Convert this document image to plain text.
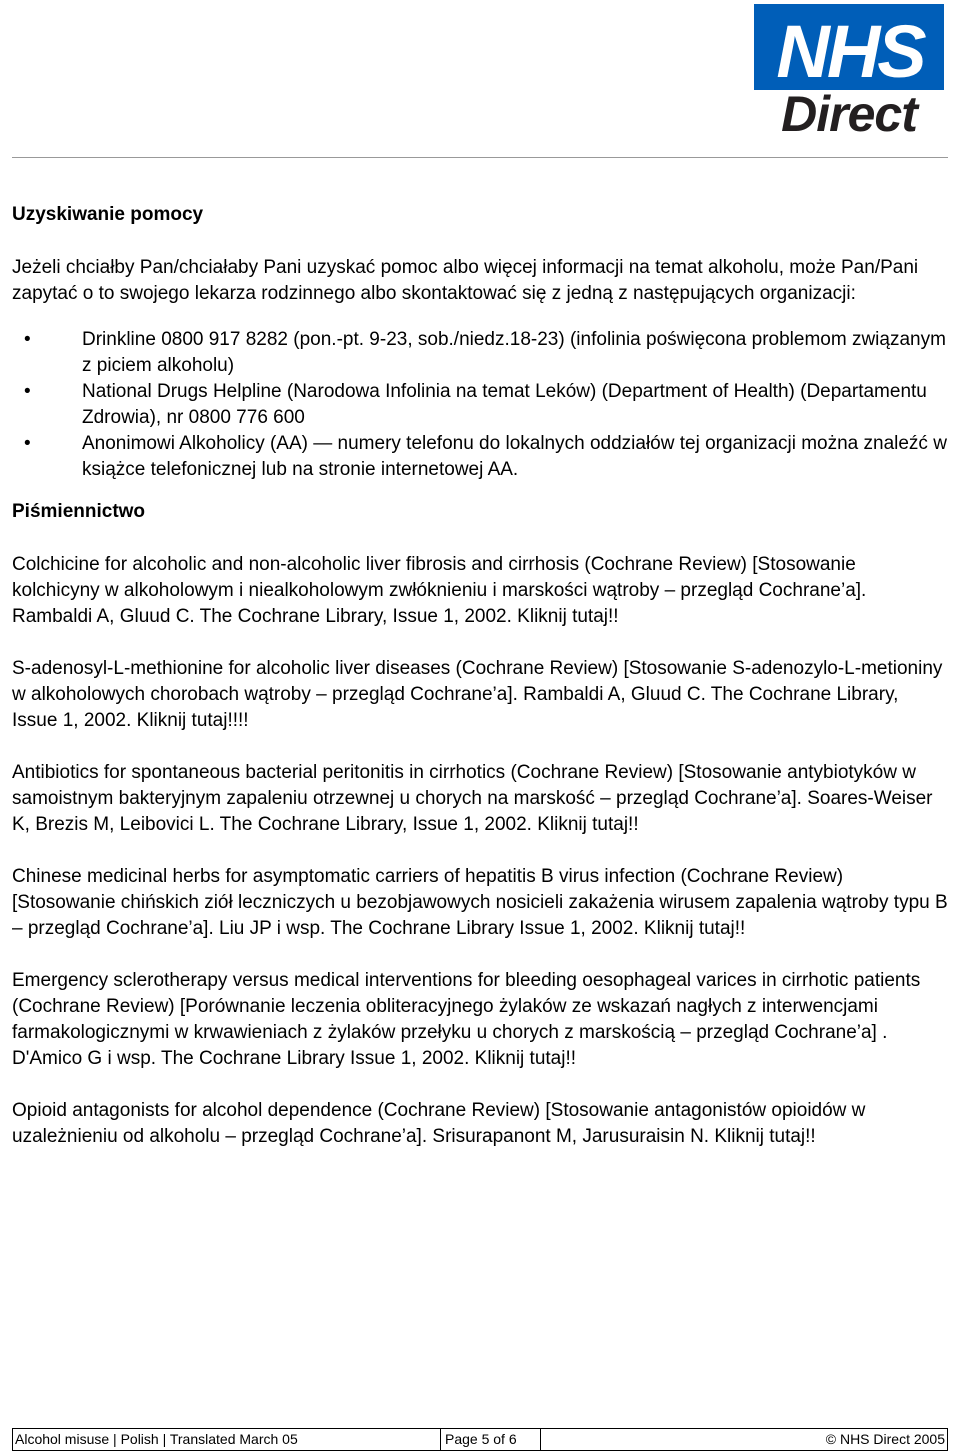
NHS
Direct
Uzyskiwanie pomocy

Jeżeli chciałby Pan/chciałaby Pani uzyskać pomoc albo więcej informacji na temat alkoholu, może Pan/Pani zapytać o to swojego lekarza rodzinnego albo skontaktować się z jedną z następujących organizacji:

• Drinkline 0800 917 8282 (pon.-pt. 9-23, sob./niedz.18-23) (infolinia poświęcona problemom związanym z piciem alkoholu)
• National Drugs Helpline (Narodowa Infolinia na temat Leków) (Department of Health) (Departamentu Zdrowia), nr 0800 776 600
• Anonimowi Alkoholicy (AA) — numery telefonu do lokalnych oddziałów tej organizacji można znaleźć w książce telefonicznej lub na stronie internetowej AA.
Piśmiennictwo

Colchicine for alcoholic and non-alcoholic liver fibrosis and cirrhosis (Cochrane Review) [Stosowanie kolchicyny w alkoholowym i niealkoholowym zwłóknieniu i marskości wątroby – przegląd Cochrane’a]. Rambaldi A, Gluud C. The Cochrane Library, Issue 1, 2002. Kliknij tutaj!!

S-adenosyl-L-methionine for alcoholic liver diseases (Cochrane Review) [Stosowanie S-adenozylo-L-metioniny w alkoholowych chorobach wątroby – przegląd Cochrane’a]. Rambaldi A, Gluud C. The Cochrane Library, Issue 1, 2002. Kliknij tutaj!!!!

Antibiotics for spontaneous bacterial peritonitis in cirrhotics (Cochrane Review) [Stosowanie antybiotyków w samoistnym bakteryjnym zapaleniu otrzewnej u chorych na marskość – przegląd Cochrane’a]. Soares-Weiser K, Brezis M, Leibovici L. The Cochrane Library, Issue 1, 2002. Kliknij tutaj!!

Chinese medicinal herbs for asymptomatic carriers of hepatitis B virus infection (Cochrane Review) [Stosowanie chińskich ziół leczniczych u bezobjawowych nosicieli zakażenia wirusem zapalenia wątroby typu B – przegląd Cochrane’a]. Liu JP i wsp. The Cochrane Library Issue 1, 2002. Kliknij tutaj!!

Emergency sclerotherapy versus medical interventions for bleeding oesophageal varices in cirrhotic patients (Cochrane Review) [Porównanie leczenia obliteracyjnego żylaków ze wskazań nagłych z interwencjami farmakologicznymi w krwawieniach z żylaków przełyku u chorych z marskością – przegląd Cochrane’a] . D'Amico G i wsp. The Cochrane Library Issue 1, 2002. Kliknij tutaj!!

Opioid antagonists for alcohol dependence (Cochrane Review) [Stosowanie antagonistów opioidów w uzależnieniu od alkoholu – przegląd Cochrane’a]. Srisurapanont M, Jarusuraisin N. Kliknij tutaj!!

Alcohol misuse | Polish | Translated March 05	Page 5 of 6	© NHS Direct 2005
